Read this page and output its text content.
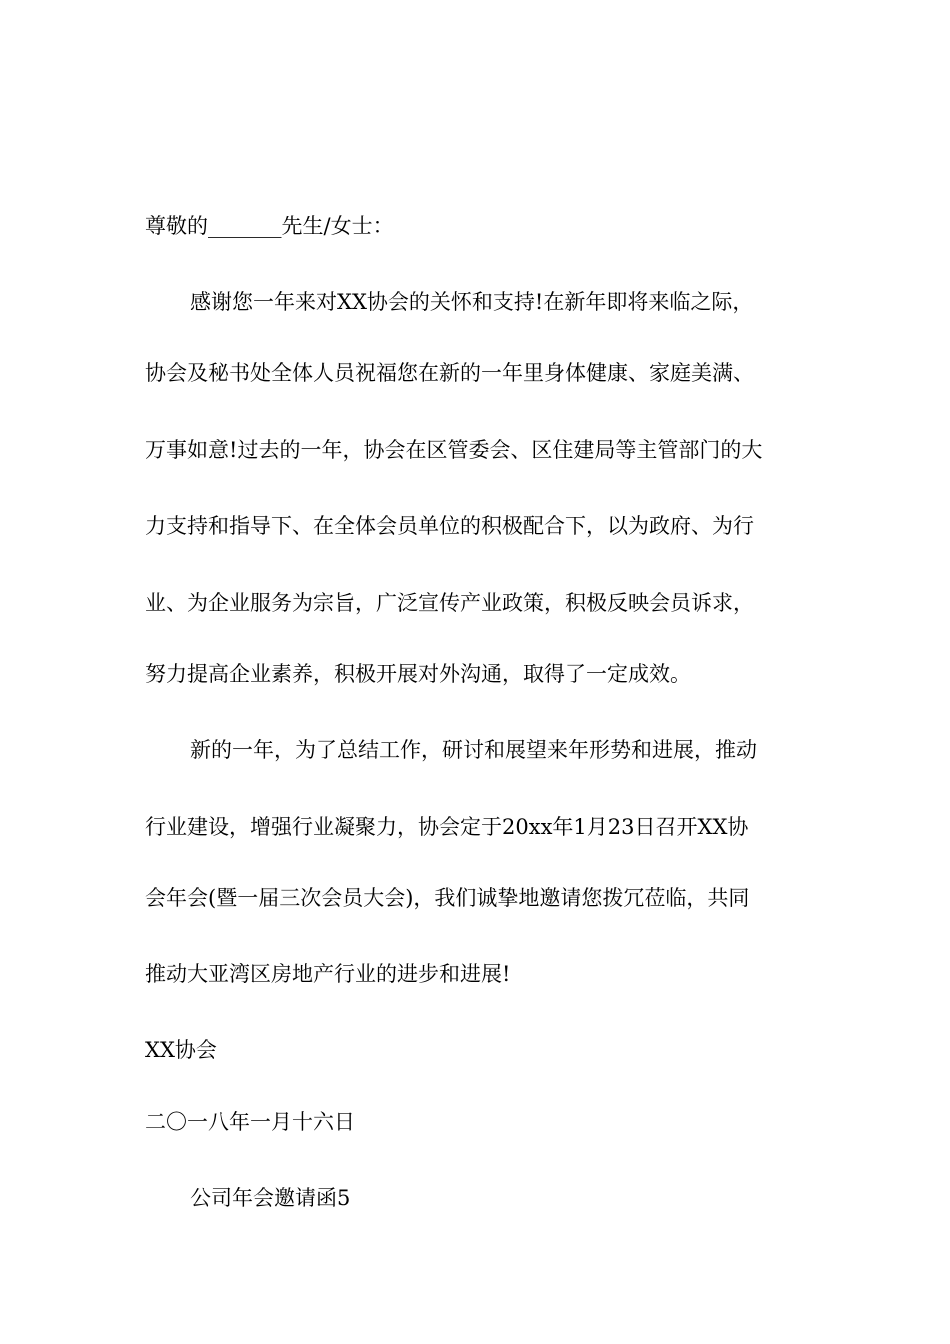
尊敬的_______先生/女士：
感谢您一年来对XX协会的关怀和支持!在新年即将来临之际，
协会及秘书处全体人员祝福您在新的一年里身体健康、家庭美满、
万事如意!过去的一年，协会在区管委会、区住建局等主管部门的大
力支持和指导下、在全体会员单位的积极配合下，以为政府、为行
业、为企业服务为宗旨，广泛宣传产业政策，积极反映会员诉求，
努力提高企业素养，积极开展对外沟通，取得了一定成效。
新的一年，为了总结工作，研讨和展望来年形势和进展，推动
行业建设，增强行业凝聚力，协会定于20xx年1月23日召开XX协
会年会(暨一届三次会员大会)，我们诚挚地邀请您拨冗莅临，共同
推动大亚湾区房地产行业的进步和进展!
XX协会
二〇一八年一月十六日
公司年会邀请函5
